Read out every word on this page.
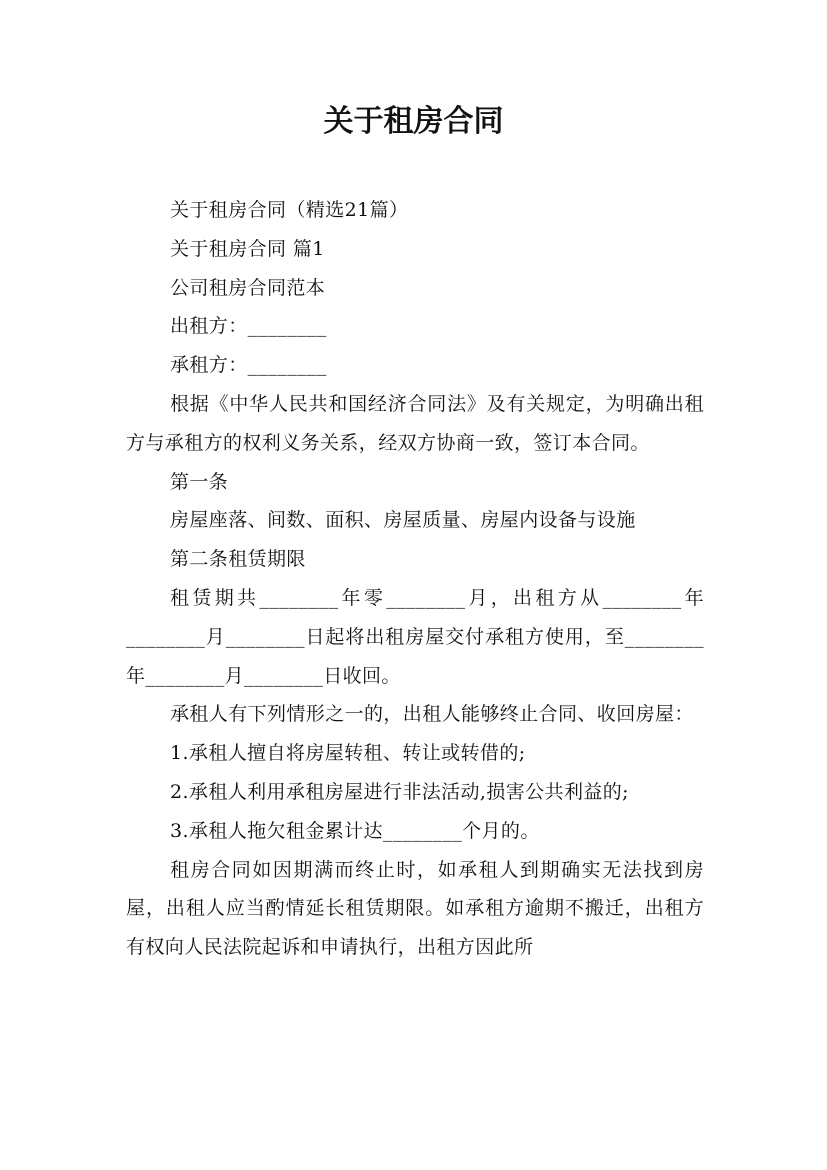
关于租房合同

关于租房合同（精选21篇）

关于租房合同 篇1

公司租房合同范本

出租方：________

承租方：________

根据《中华人民共和国经济合同法》及有关规定，为明确出租方与承租方的权利义务关系，经双方协商一致，签订本合同。

第一条

房屋座落、间数、面积、房屋质量、房屋内设备与设施

第二条租赁期限

租赁期共________年零________月，出租方从________年________月________日起将出租房屋交付承租方使用，至________年________月________日收回。

承租人有下列情形之一的，出租人能够终止合同、收回房屋：

1.承租人擅自将房屋转租、转让或转借的;

2.承租人利用承租房屋进行非法活动,损害公共利益的;

3.承租人拖欠租金累计达________个月的。

租房合同如因期满而终止时，如承租人到期确实无法找到房屋，出租人应当酌情延长租赁期限。如承租方逾期不搬迁，出租方有权向人民法院起诉和申请执行，出租方因此所
